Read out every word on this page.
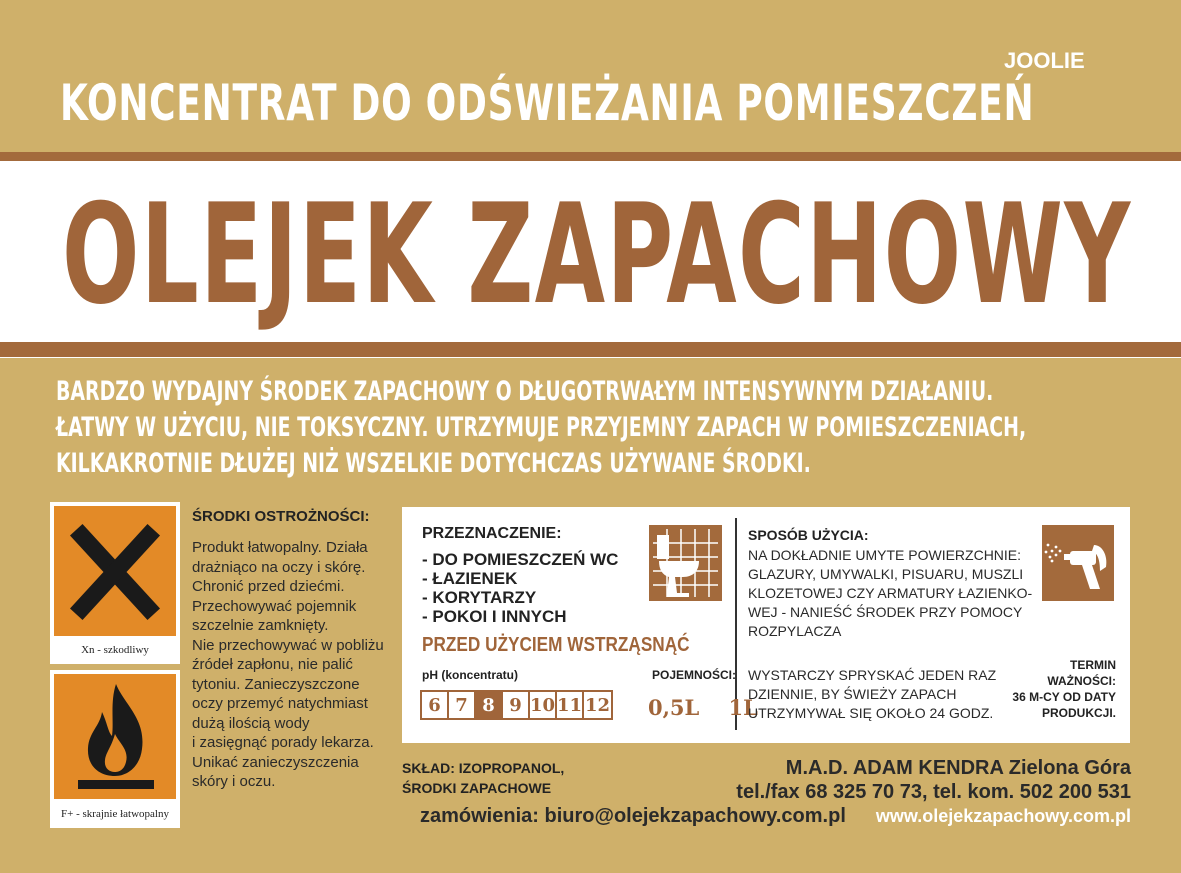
JOOLIE
KONCENTRAT DO ODŚWIEŻANIA POMIESZCZEŃ
OLEJEK ZAPACHOWY
BARDZO WYDAJNY ŚRODEK ZAPACHOWY O DŁUGOTRWAŁYM INTENSYWNYM DZIAŁANIU.
ŁATWY W UŻYCIU, NIE TOKSYCZNY. UTRZYMUJE PRZYJEMNY ZAPACH W POMIESZCZENIACH,
KILKAKROTNIE DŁUŻEJ NIŻ WSZELKIE DOTYCHCZAS UŻYWANE ŚRODKI.
Xn - szkodliwy
F+ - skrajnie łatwopalny
ŚRODKI OSTROŻNOŚCI:
Produkt łatwopalny. Działa
drażniąco na oczy i skórę.
Chronić przed dziećmi.
Przechowywać pojemnik
szczelnie zamknięty.
Nie przechowywać w pobliżu
źródeł zapłonu, nie palić
tytoniu. Zanieczyszczone
oczy przemyć natychmiast
dużą ilością wody
i zasięgnąć porady lekarza.
Unikać zanieczyszczenia
skóry i oczu.
PRZEZNACZENIE:
- DO POMIESZCZEŃ WC
- ŁAZIENEK
- KORYTARZY
- POKOI I INNYCH
PRZED UŻYCIEM WSTRZĄSNĄĆ
pH (koncentratu)
6 7 8 9 10 11 12
POJEMNOŚCI:
0,5L    1L
SPOSÓB UŻYCIA:
NA DOKŁADNIE UMYTE POWIERZCHNIE:
GLAZURY, UMYWALKI, PISUARU, MUSZLI
KLOZETOWEJ CZY ARMATURY ŁAZIENKO-
WEJ - NANIEŚĆ ŚRODEK PRZY POMOCY
ROZPYLACZA
WYSTARCZY SPRYSKAĆ JEDEN RAZ
DZIENNIE, BY ŚWIEŻY ZAPACH
UTRZYMYWAŁ SIĘ OKOŁO 24 GODZ.
TERMIN
WAŻNOŚCI:
36 M-CY OD DATY
PRODUKCJI.
SKŁAD: IZOPROPANOL,
ŚRODKI ZAPACHOWE
M.A.D. ADAM KENDRA Zielona Góra
tel./fax 68 325 70 73, tel. kom. 502 200 531
zamówienia: biuro@olejekzapachowy.com.pl	www.olejekzapachowy.com.pl
